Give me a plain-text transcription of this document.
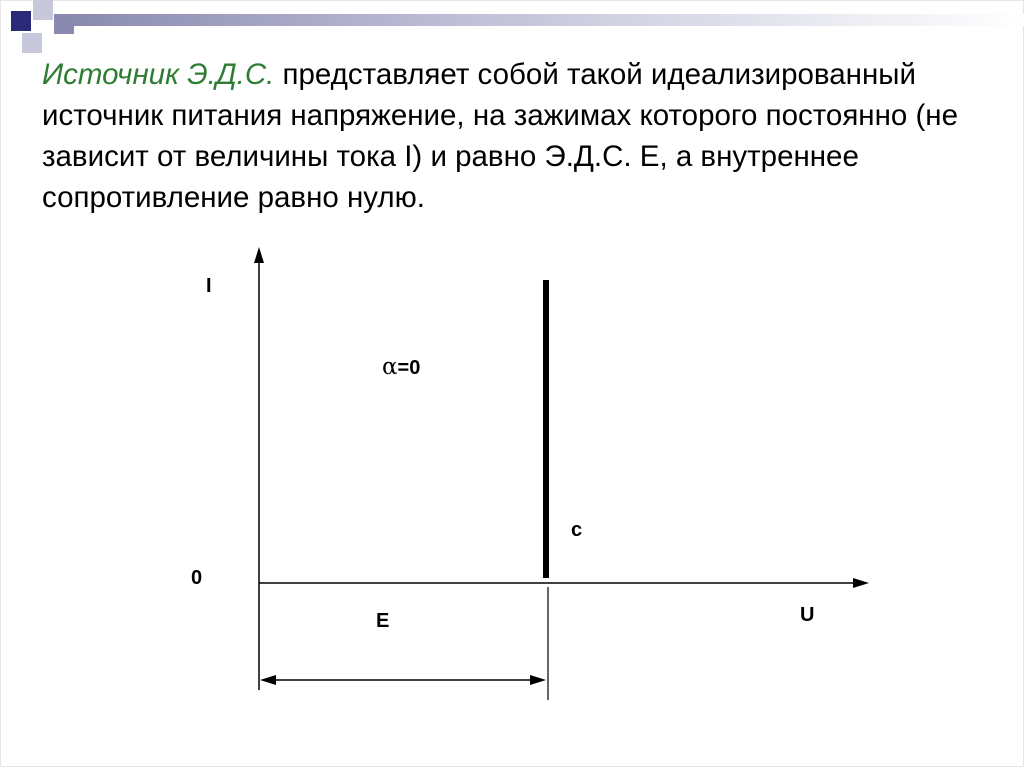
Источник Э.Д.С. представляет собой такой идеализированный источник питания напряжение, на зажимах которого постоянно (не зависит от величины тока I) и равно Э.Д.С. E, а внутреннее сопротивление равно нулю.

I
U
0
α=0
c
E
